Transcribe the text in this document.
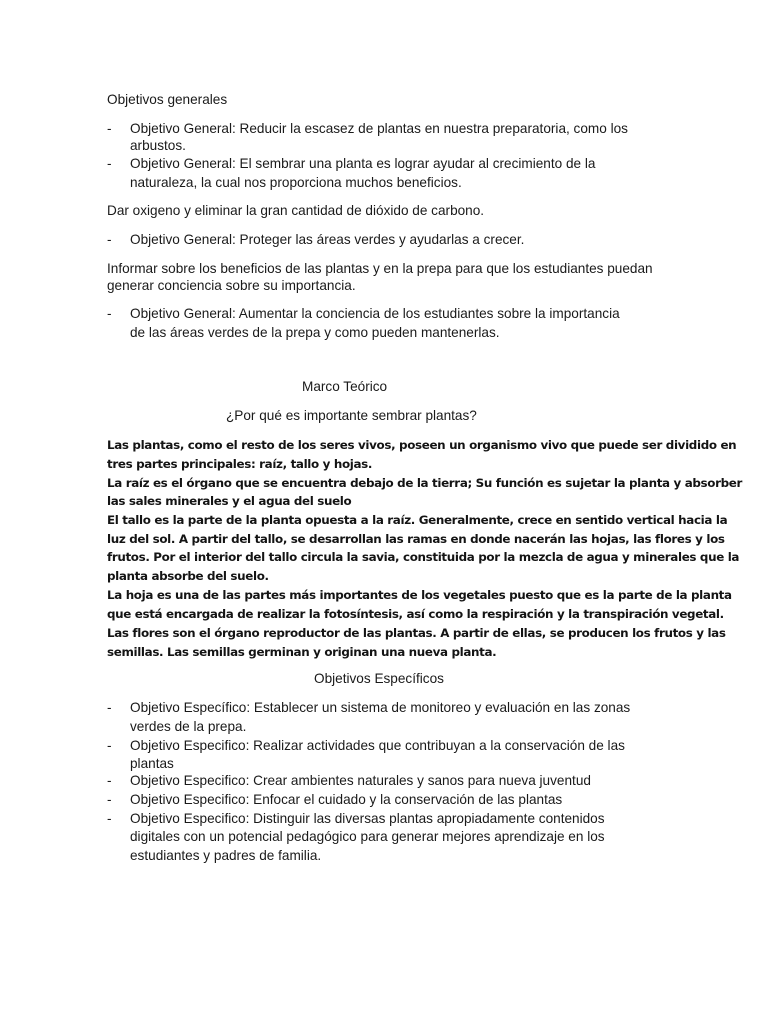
Objetivos generales
- Objetivo General: Reducir la escasez de plantas en nuestra preparatoria, como los
arbustos.
- Objetivo General: El sembrar una planta es lograr ayudar al crecimiento de la
naturaleza, la cual nos proporciona muchos beneficios.
Dar oxigeno y eliminar la gran cantidad de dióxido de carbono.
- Objetivo General: Proteger las áreas verdes y ayudarlas a crecer.
Informar sobre los beneficios de las plantas y en la prepa para que los estudiantes puedan
generar conciencia sobre su importancia.
- Objetivo General: Aumentar la conciencia de los estudiantes sobre la importancia
de las áreas verdes de la prepa y como pueden mantenerlas.
Marco Teórico
¿Por qué es importante sembrar plantas?
Las plantas, como el resto de los seres vivos, poseen un organismo vivo que puede ser dividido en
tres partes principales: raíz, tallo y hojas.
La raíz es el órgano que se encuentra debajo de la tierra; Su función es sujetar la planta y absorber
las sales minerales y el agua del suelo
El tallo es la parte de la planta opuesta a la raíz. Generalmente, crece en sentido vertical hacia la
luz del sol. A partir del tallo, se desarrollan las ramas en donde nacerán las hojas, las flores y los
frutos. Por el interior del tallo circula la savia, constituida por la mezcla de agua y minerales que la
planta absorbe del suelo.
La hoja es una de las partes más importantes de los vegetales puesto que es la parte de la planta
que está encargada de realizar la fotosíntesis, así como la respiración y la transpiración vegetal.
Las flores son el órgano reproductor de las plantas. A partir de ellas, se producen los frutos y las
semillas. Las semillas germinan y originan una nueva planta.
Objetivos Específicos
- Objetivo Específico: Establecer un sistema de monitoreo y evaluación en las zonas
verdes de la prepa.
- Objetivo Especifico: Realizar actividades que contribuyan a la conservación de las
plantas
- Objetivo Especifico: Crear ambientes naturales y sanos para nueva juventud
- Objetivo Especifico: Enfocar el cuidado y la conservación de las plantas
- Objetivo Especifico: Distinguir las diversas plantas apropiadamente contenidos
digitales con un potencial pedagógico para generar mejores aprendizaje en los
estudiantes y padres de familia.
